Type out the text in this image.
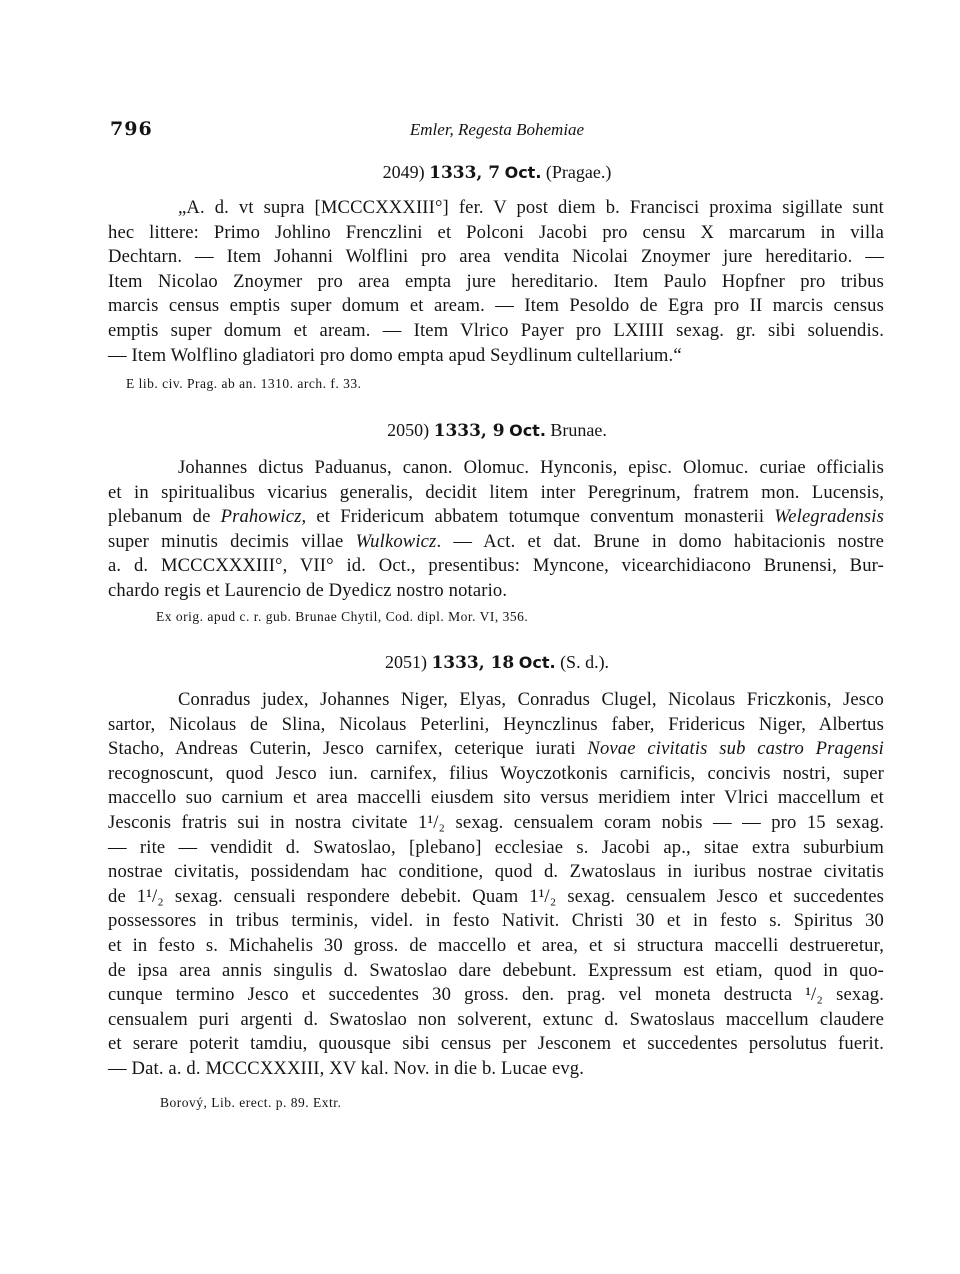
796	Emler, Regesta Bohemiae
2049) 1333, 7 Oct. (Pragae.)
„A. d. vt supra [MCCCXXXIII°] fer. V post diem b. Francisci proxima sigillate sunt
hec littere: Primo Johlino Frenczlini et Polconi Jacobi pro censu X marcarum in villa
Dechtarn. — Item Johanni Wolflini pro area vendita Nicolai Znoymer jure hereditario. —
Item Nicolao Znoymer pro area empta jure hereditario. Item Paulo Hopfner pro tribus
marcis census emptis super domum et aream. — Item Pesoldo de Egra pro II marcis census
emptis super domum et aream. — Item Vlrico Payer pro LXIIII sexag. gr. sibi soluendis.
— Item Wolflino gladiatori pro domo empta apud Seydlinum cultellarium.“
E lib. civ. Prag. ab an. 1310. arch. f. 33.
2050) 1333, 9 Oct. Brunae.
Johannes dictus Paduanus, canon. Olomuc. Hynconis, episc. Olomuc. curiae officialis
et in spiritualibus vicarius generalis, decidit litem inter Peregrinum, fratrem mon. Lucensis,
plebanum de Prahowicz, et Fridericum abbatem totumque conventum monasterii Welegradensis
super minutis decimis villae Wulkowicz. — Act. et dat. Brune in domo habitacionis nostre
a. d. MCCCXXXIII°, VII° id. Oct., presentibus: Myncone, vicearchidiacono Brunensi, Bur-
chardo regis et Laurencio de Dyedicz nostro notario.
Ex orig. apud c. r. gub. Brunae Chytil, Cod. dipl. Mor. VI, 356.
2051) 1333, 18 Oct. (S. d.).
Conradus judex, Johannes Niger, Elyas, Conradus Clugel, Nicolaus Friczkonis, Jesco
sartor, Nicolaus de Slina, Nicolaus Peterlini, Heynczlinus faber, Fridericus Niger, Albertus
Stacho, Andreas Cuterin, Jesco carnifex, ceterique iurati Novae civitatis sub castro Pragensi
recognoscunt, quod Jesco iun. carnifex, filius Woyczotkonis carnificis, concivis nostri, super
maccello suo carnium et area maccelli eiusdem sito versus meridiem inter Vlrici maccellum et
Jesconis fratris sui in nostra civitate 1¹/₂ sexag. censualem coram nobis — — pro 15 sexag.
— rite — vendidit d. Swatoslao, [plebano] ecclesiae s. Jacobi ap., sitae extra suburbium
nostrae civitatis, possidendam hac conditione, quod d. Zwatoslaus in iuribus nostrae civitatis
de 1¹/₂ sexag. censuali respondere debebit. Quam 1¹/₂ sexag. censualem Jesco et succedentes
possessores in tribus terminis, videl. in festo Nativit. Christi 30 et in festo s. Spiritus 30
et in festo s. Michahelis 30 gross. de maccello et area, et si structura maccelli destrueretur,
de ipsa area annis singulis d. Swatoslao dare debebunt. Expressum est etiam, quod in quo-
cunque termino Jesco et succedentes 30 gross. den. prag. vel moneta destructa ¹/₂ sexag.
censualem puri argenti d. Swatoslao non solverent, extunc d. Swatoslaus maccellum claudere
et serare poterit tamdiu, quousque sibi census per Jesconem et succedentes persolutus fuerit.
— Dat. a. d. MCCCXXXIII, XV kal. Nov. in die b. Lucae evg.
Borový, Lib. erect. p. 89. Extr.
